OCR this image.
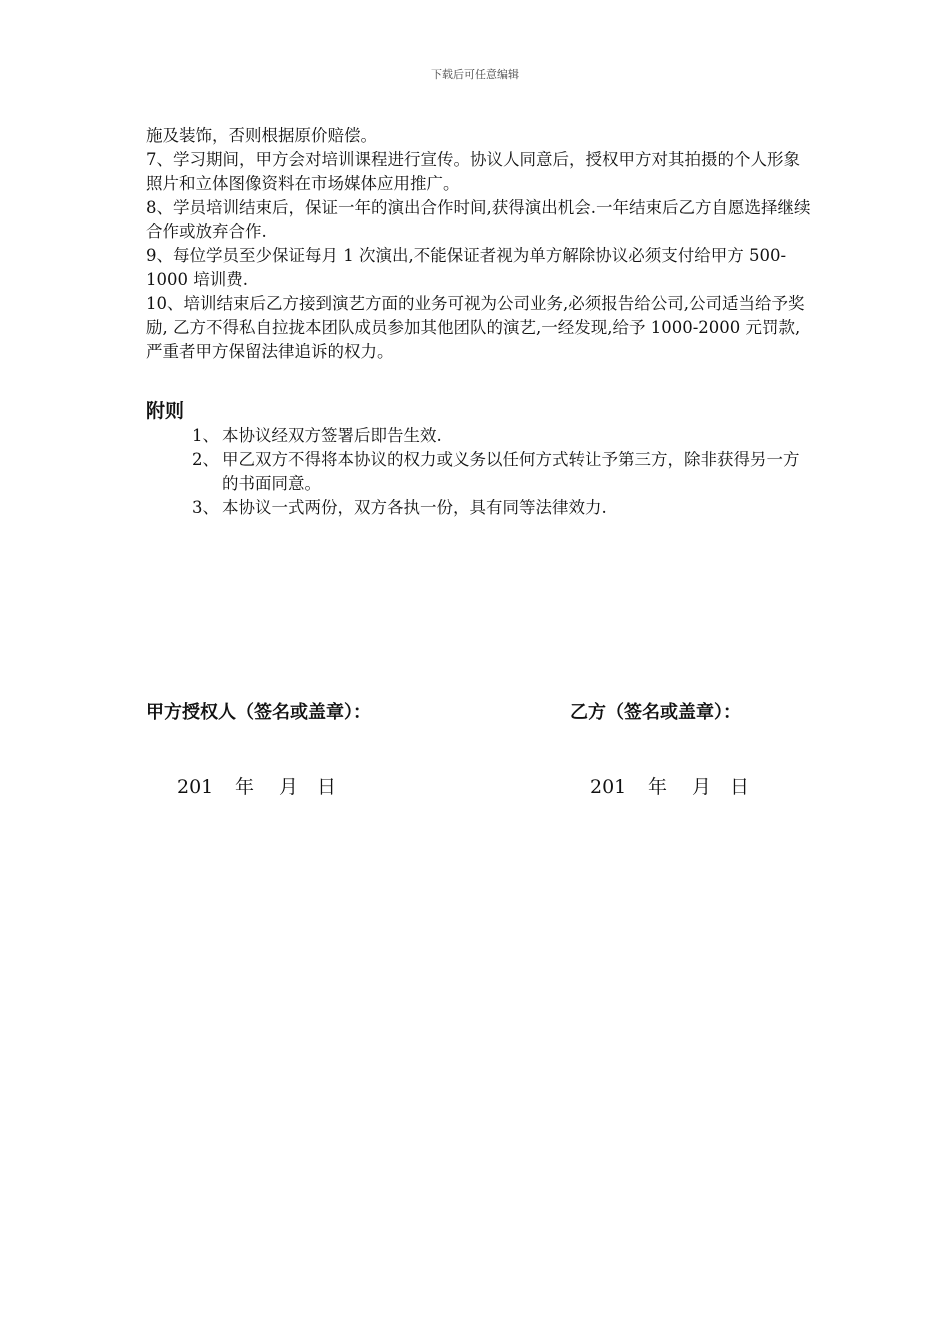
下载后可任意编辑

施及装饰，否则根据原价赔偿。

7、学习期间，甲方会对培训课程进行宣传。协议人同意后，授权甲方对其拍摄的个人形象照片和立体图像资料在市场媒体应用推广。

8、学员培训结束后，保证一年的演出合作时间,获得演出机会.一年结束后乙方自愿选择继续合作或放弃合作.

9、每位学员至少保证每月 1 次演出,不能保证者视为单方解除协议必须支付给甲方 500-1000 培训费.

10、培训结束后乙方接到演艺方面的业务可视为公司业务,必须报告给公司,公司适当给予奖励, 乙方不得私自拉拢本团队成员参加其他团队的演艺,一经发现,给予 1000-2000 元罚款,严重者甲方保留法律追诉的权力。

附则
1、 本协议经双方签署后即告生效.
2、 甲乙双方不得将本协议的权力或义务以任何方式转让予第三方，除非获得另一方的书面同意。
3、 本协议一式两份，双方各执一份，具有同等法律效力.
甲方授权人（签名或盖章）：	乙方（签名或盖章）：
201 年 月 日	201 年 月 日
